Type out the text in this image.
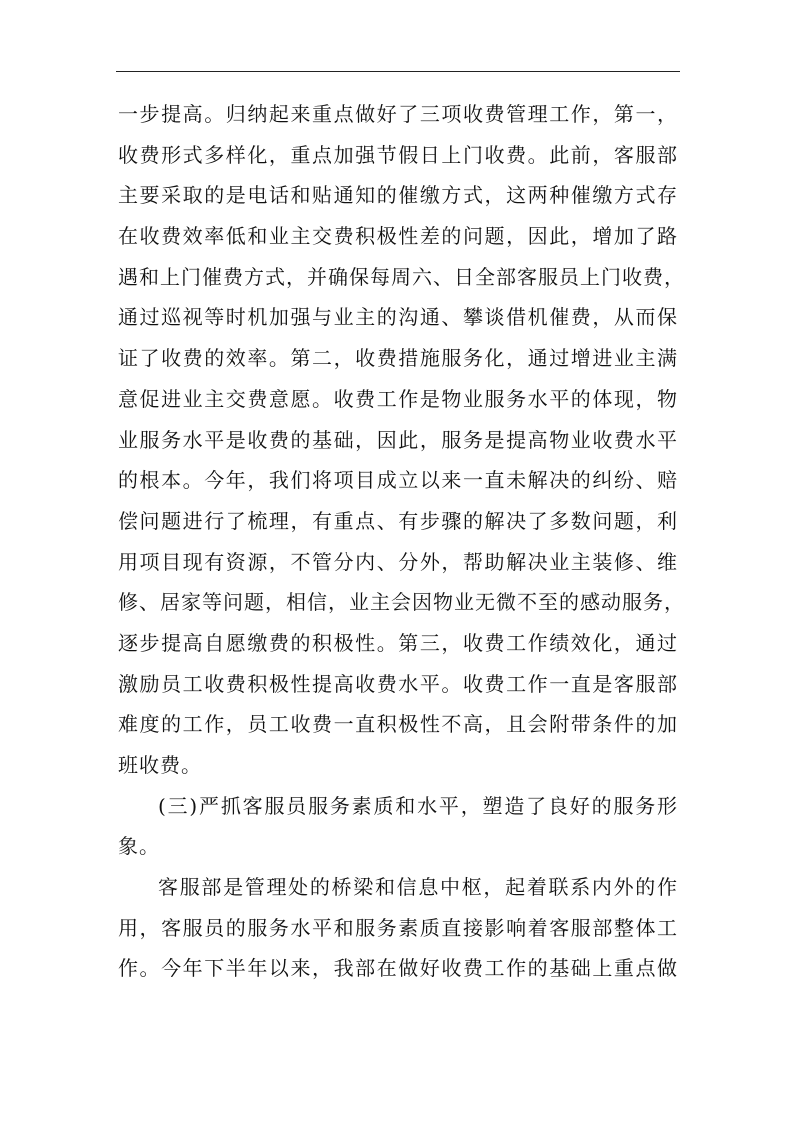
一步提高。归纳起来重点做好了三项收费管理工作，第一，
收费形式多样化，重点加强节假日上门收费。此前，客服部
主要采取的是电话和贴通知的催缴方式，这两种催缴方式存
在收费效率低和业主交费积极性差的问题，因此，增加了路
遇和上门催费方式，并确保每周六、日全部客服员上门收费，
通过巡视等时机加强与业主的沟通、攀谈借机催费，从而保
证了收费的效率。第二，收费措施服务化，通过增进业主满
意促进业主交费意愿。收费工作是物业服务水平的体现，物
业服务水平是收费的基础，因此，服务是提高物业收费水平
的根本。今年，我们将项目成立以来一直未解决的纠纷、赔
偿问题进行了梳理，有重点、有步骤的解决了多数问题，利
用项目现有资源，不管分内、分外，帮助解决业主装修、维
修、居家等问题，相信，业主会因物业无微不至的感动服务，
逐步提高自愿缴费的积极性。第三，收费工作绩效化，通过
激励员工收费积极性提高收费水平。收费工作一直是客服部
难度的工作，员工收费一直积极性不高，且会附带条件的加
班收费。
(三)严抓客服员服务素质和水平，塑造了良好的服务形
象。
客服部是管理处的桥梁和信息中枢，起着联系内外的作
用，客服员的服务水平和服务素质直接影响着客服部整体工
作。今年下半年以来，我部在做好收费工作的基础上重点做
